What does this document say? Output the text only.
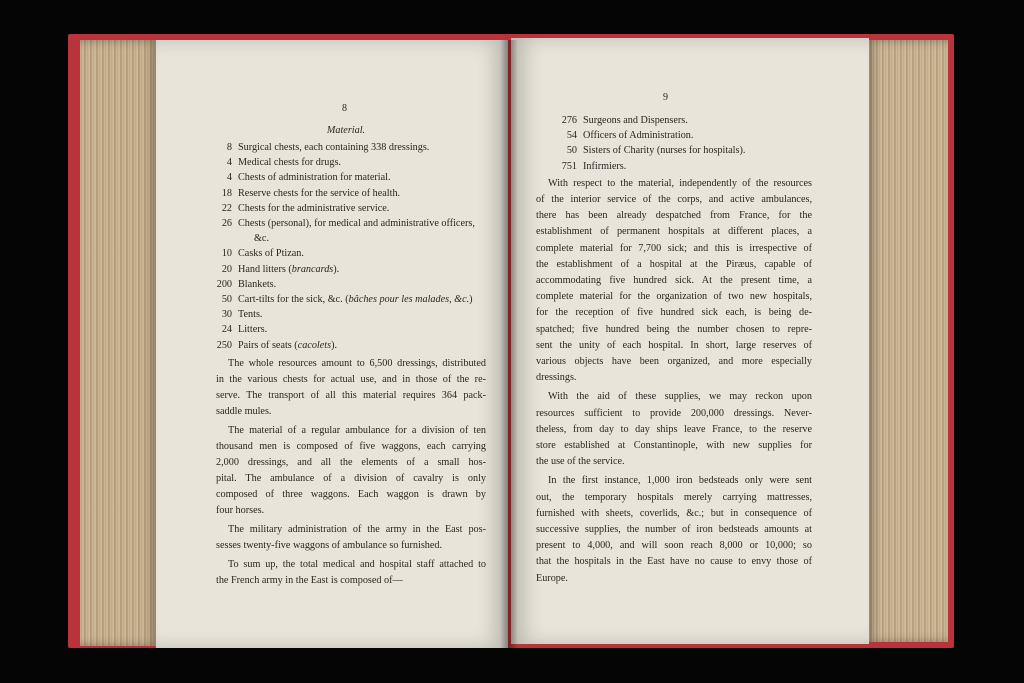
8
Material.
8 Surgical chests, each containing 338 dressings.
4 Medical chests for drugs.
4 Chests of administration for material.
18 Reserve chests for the service of health.
22 Chests for the administrative service.
26 Chests (personal), for medical and administrative officers,
&c.
10 Casks of Ptizan.
20 Hand litters (brancards).
200 Blankets.
50 Cart-tilts for the sick, &c. (bâches pour les malades, &c.)
30 Tents.
24 Litters.
250 Pairs of seats (cacolets).
The whole resources amount to 6,500 dressings, distributed
in the various chests for actual use, and in those of the re-
serve. The transport of all this material requires 364 pack-
saddle mules.
The material of a regular ambulance for a division of ten
thousand men is composed of five waggons, each carrying
2,000 dressings, and all the elements of a small hos-
pital. The ambulance of a division of cavalry is only
composed of three waggons. Each waggon is drawn by
four horses.
The military administration of the army in the East pos-
sesses twenty-five waggons of ambulance so furnished.
To sum up, the total medical and hospital staff attached to
the French army in the East is composed of—
9
276 Surgeons and Dispensers.
54 Officers of Administration.
50 Sisters of Charity (nurses for hospitals).
751 Infirmiers.
With respect to the material, independently of the resources
of the interior service of the corps, and active ambulances,
there has been already despatched from France, for the
establishment of permanent hospitals at different places, a
complete material for 7,700 sick; and this is irrespective of
the establishment of a hospital at the Piræus, capable of
accommodating five hundred sick. At the present time, a
complete material for the organization of two new hospitals,
for the reception of five hundred sick each, is being de-
spatched; five hundred being the number chosen to repre-
sent the unity of each hospital. In short, large reserves of
various objects have been organized, and more especially
dressings.
With the aid of these supplies, we may reckon upon
resources sufficient to provide 200,000 dressings. Never-
theless, from day to day ships leave France, to the reserve
store established at Constantinople, with new supplies for
the use of the service.
In the first instance, 1,000 iron bedsteads only were sent
out, the temporary hospitals merely carrying mattresses,
furnished with sheets, coverlids, &c.; but in consequence of
successive supplies, the number of iron bedsteads amounts at
present to 4,000, and will soon reach 8,000 or 10,000; so
that the hospitals in the East have no cause to envy those of
Europe.
